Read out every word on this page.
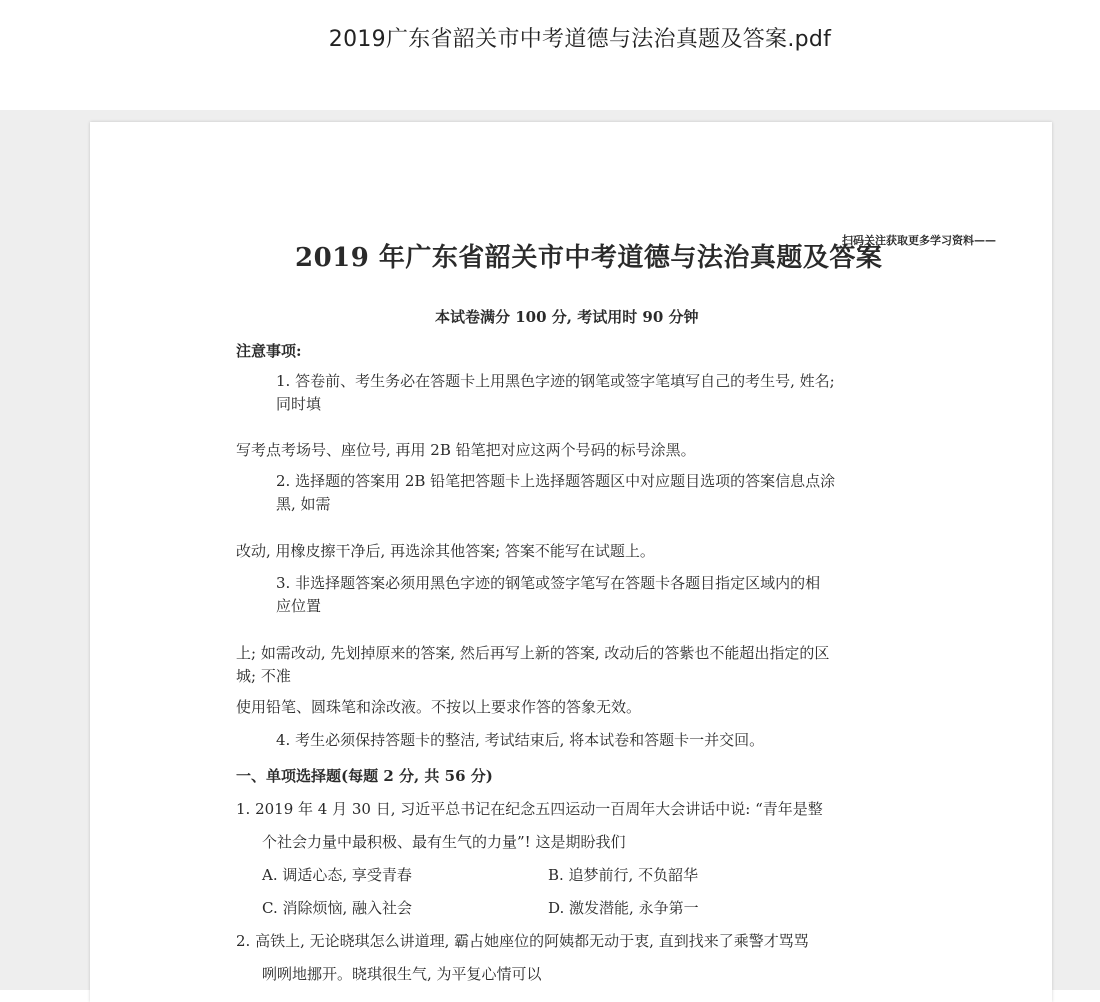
2019广东省韶关市中考道德与法治真题及答案.pdf
2019 年广东省韶关市中考道德与法治真题及答案
扫码关注获取更多学习资料——
本试卷满分 100 分, 考试用时 90 分钟
注意事项:
1. 答卷前、考生务必在答题卡上用黑色字迹的钢笔或签字笔填写自己的考生号, 姓名;
同时填
写考点考场号、座位号, 再用 2B 铅笔把对应这两个号码的标号涂黑。
2. 选择题的答案用 2B 铅笔把答题卡上选择题答题区中对应题目选项的答案信息点涂
黑, 如需
改动, 用橡皮擦干净后, 再选涂其他答案; 答案不能写在试题上。
3. 非选择题答案必须用黑色字迹的钢笔或签字笔写在答题卡各题目指定区域内的相
应位置
上; 如需改动, 先划掉原来的答案, 然后再写上新的答案, 改动后的答紫也不能超出指定的区
城; 不准
使用铅笔、圆珠笔和涂改液。不按以上要求作答的答象无效。
4. 考生必须保持答题卡的整洁, 考试结束后, 将本试卷和答题卡一并交回。
一、单项选择题(每题 2 分, 共 56 分)
1. 2019 年 4 月 30 日, 习近平总书记在纪念五四运动一百周年大会讲话中说: “青年是整
个社会力量中最积极、最有生气的力量”! 这是期盼我们
A. 调适心态, 享受青春	B. 追梦前行, 不负韶华
C. 消除烦恼, 融入社会	D. 激发潜能, 永争第一
2. 高铁上, 无论晓琪怎么讲道理, 霸占她座位的阿姨都无动于衷, 直到找来了乘警才骂骂
咧咧地挪开。晓琪很生气, 为平复心情可以
